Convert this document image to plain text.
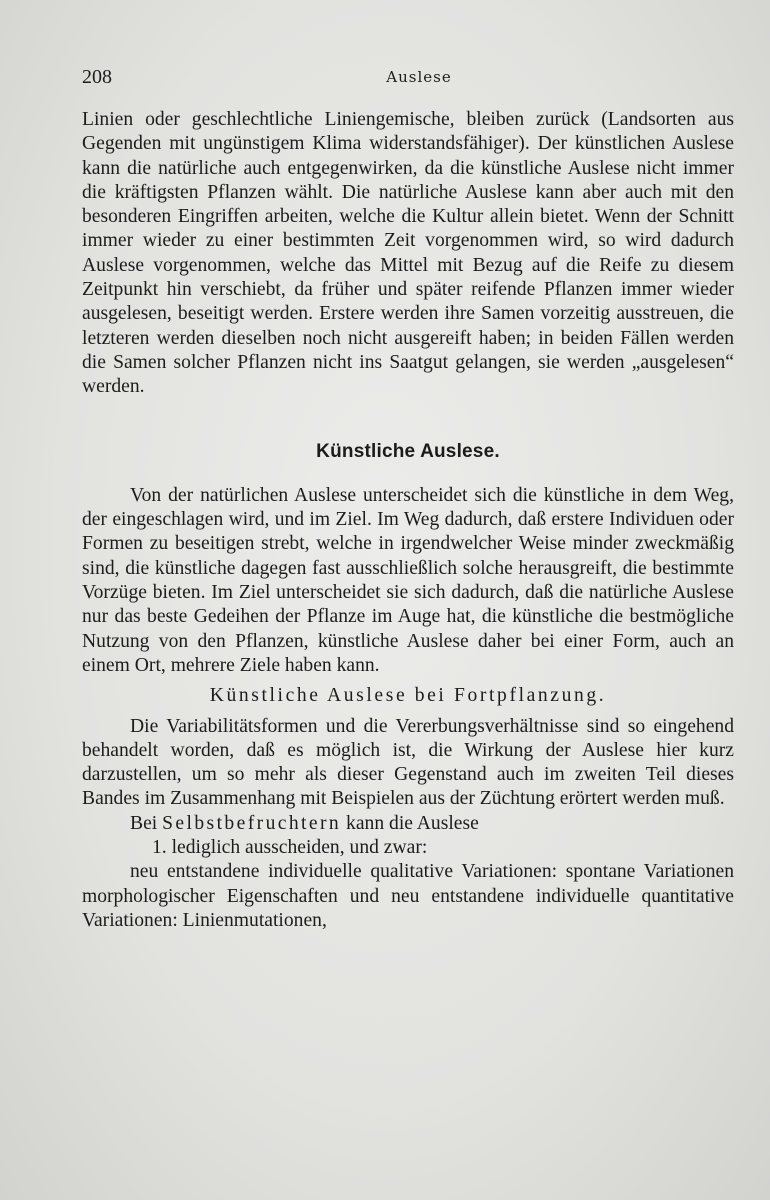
208	Auslese

Linien oder geschlechtliche Liniengemische, bleiben zurück (Landsorten aus Gegenden mit ungünstigem Klima widerstandsfähiger). Der künstlichen Auslese kann die natürliche auch entgegenwirken, da die künstliche Auslese nicht immer die kräftigsten Pflanzen wählt. Die natürliche Auslese kann aber auch mit den besonderen Eingriffen arbeiten, welche die Kultur allein bietet. Wenn der Schnitt immer wieder zu einer bestimmten Zeit vorgenommen wird, so wird dadurch Auslese vorgenommen, welche das Mittel mit Bezug auf die Reife zu diesem Zeitpunkt hin verschiebt, da früher und später reifende Pflanzen immer wieder ausgelesen, beseitigt werden. Erstere werden ihre Samen vorzeitig ausstreuen, die letzteren werden dieselben noch nicht ausgereift haben; in beiden Fällen werden die Samen solcher Pflanzen nicht ins Saatgut gelangen, sie werden „ausgelesen“ werden.

Künstliche Auslese.

Von der natürlichen Auslese unterscheidet sich die künstliche in dem Weg, der eingeschlagen wird, und im Ziel. Im Weg dadurch, daß erstere Individuen oder Formen zu beseitigen strebt, welche in irgendwelcher Weise minder zweckmäßig sind, die künstliche dagegen fast ausschließlich solche herausgreift, die bestimmte Vorzüge bieten. Im Ziel unterscheidet sie sich dadurch, daß die natürliche Auslese nur das beste Gedeihen der Pflanze im Auge hat, die künstliche die bestmögliche Nutzung von den Pflanzen, künstliche Auslese daher bei einer Form, auch an einem Ort, mehrere Ziele haben kann.

Künstliche Auslese bei Fortpflanzung.

Die Variabilitätsformen und die Vererbungsverhältnisse sind so eingehend behandelt worden, daß es möglich ist, die Wirkung der Auslese hier kurz darzustellen, um so mehr als dieser Gegenstand auch im zweiten Teil dieses Bandes im Zusammenhang mit Beispielen aus der Züchtung erörtert werden muß.

Bei Selbstbefruchtern kann die Auslese

1. lediglich ausscheiden, und zwar:

neu entstandene individuelle qualitative Variationen: spontane Variationen morphologischer Eigenschaften und neu entstandene individuelle quantitative Variationen: Linienmutationen,
